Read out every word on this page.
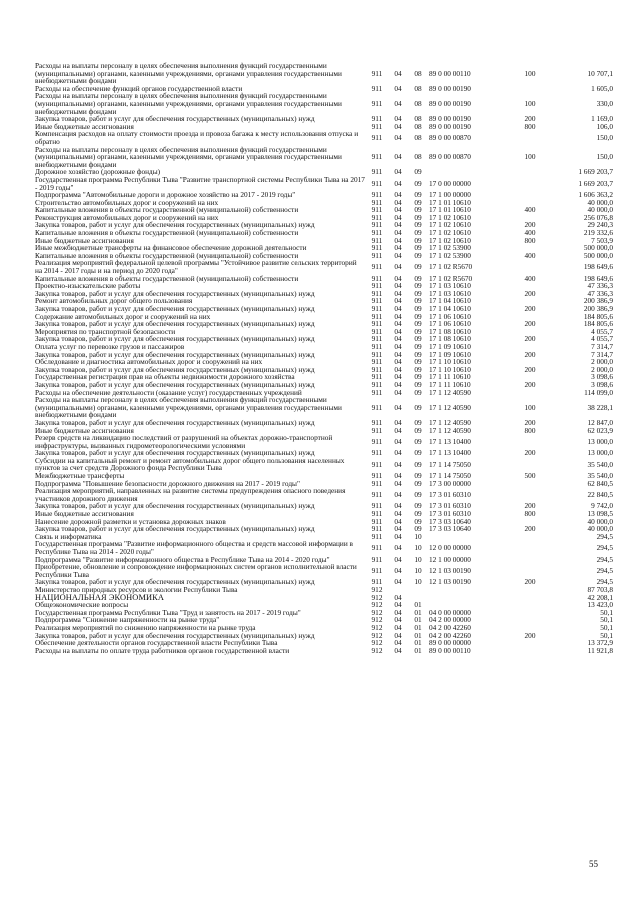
Расходы на выплаты персоналу в целях обеспечения выполнения функций государственными (муниципальными) органами, казенными учреждениями, органами управления государственными внебюджетными фондами	911	04	08	89 0 00 00110	100	10 707,1
Расходы на обеспечение функций органов государственной власти	911	04	08	89 0 00 00190		1 605,0
Расходы на выплаты персоналу в целях обеспечения выполнения функций государственными (муниципальными) органами, казенными учреждениями, органами управления государственными внебюджетными фондами	911	04	08	89 0 00 00190	100	330,0
Закупка товаров, работ и услуг для обеспечения государственных (муниципальных) нужд	911	04	08	89 0 00 00190	200	1 169,0
Иные бюджетные ассигнования	911	04	08	89 0 00 00190	800	106,0
Компенсация расходов на оплату стоимости проезда и провоза багажа к месту использования отпуска и обратно	911	04	08	89 0 00 00870		150,0
Расходы на выплаты персоналу в целях обеспечения выполнения функций государственными (муниципальными) органами, казенными учреждениями, органами управления государственными внебюджетными фондами	911	04	08	89 0 00 00870	100	150,0
Дорожное хозяйство (дорожные фонды)	911	04	09			1 669 203,7
Государственная программа Республики Тыва "Развитие транспортной системы Республики Тыва на 2017 - 2019 годы"	911	04	09	17 0 00 00000		1 669 203,7
Подпрограмма "Автомобильные дороги и дорожное хозяйство на 2017 - 2019 годы"	911	04	09	17 1 00 00000		1 606 363,2
Строительство автомобильных дорог и сооружений на них	911	04	09	17 1 01 10610		40 000,0
Капитальные вложения в объекты государственной (муниципальной) собственности	911	04	09	17 1 01 10610	400	40 000,0
Реконструкция автомобильных дорог и сооружений на них	911	04	09	17 1 02 10610		256 076,8
Закупка товаров, работ и услуг для обеспечения государственных (муниципальных) нужд	911	04	09	17 1 02 10610	200	29 240,3
Капитальные вложения в объекты государственной (муниципальной) собственности	911	04	09	17 1 02 10610	400	219 332,6
Иные бюджетные ассигнования	911	04	09	17 1 02 10610	800	7 503,9
Иные межбюджетные трансферты на финансовое обеспечение дорожной деятельности	911	04	09	17 1 02 53900		500 000,0
Капитальные вложения в объекты государственной (муниципальной) собственности	911	04	09	17 1 02 53900	400	500 000,0
Реализация мероприятий федеральной целевой программы "Устойчивое развитие сельских территорий на 2014 - 2017 годы и на период до 2020 года"	911	04	09	17 1 02 R5670		198 649,6
Капитальные вложения в объекты государственной (муниципальной) собственности	911	04	09	17 1 02 R5670	400	198 649,6
Проектно-изыскательские работы	911	04	09	17 1 03 10610		47 336,3
Закупка товаров, работ и услуг для обеспечения государственных (муниципальных) нужд	911	04	09	17 1 03 10610	200	47 336,3
Ремонт автомобильных дорог общего пользования	911	04	09	17 1 04 10610		200 386,9
Закупка товаров, работ и услуг для обеспечения государственных (муниципальных) нужд	911	04	09	17 1 04 10610	200	200 386,9
Содержание автомобильных дорог и сооружений на них	911	04	09	17 1 06 10610		184 805,6
Закупка товаров, работ и услуг для обеспечения государственных (муниципальных) нужд	911	04	09	17 1 06 10610	200	184 805,6
Мероприятия по транспортной безопасности	911	04	09	17 1 08 10610		4 055,7
Закупка товаров, работ и услуг для обеспечения государственных (муниципальных) нужд	911	04	09	17 1 08 10610	200	4 055,7
Оплата услуг по перевозке грузов и пассажиров	911	04	09	17 1 09 10610		7 314,7
Закупка товаров, работ и услуг для обеспечения государственных (муниципальных) нужд	911	04	09	17 1 09 10610	200	7 314,7
Обследование и диагностика автомобильных дорог и сооружений на них	911	04	09	17 1 10 10610		2 000,0
Закупка товаров, работ и услуг для обеспечения государственных (муниципальных) нужд	911	04	09	17 1 10 10610	200	2 000,0
Государственная регистрация прав на объекты недвижимости дорожного хозяйства	911	04	09	17 1 11 10610		3 098,6
Закупка товаров, работ и услуг для обеспечения государственных (муниципальных) нужд	911	04	09	17 1 11 10610	200	3 098,6
Расходы на обеспечение деятельности (оказание услуг) государственных учреждений	911	04	09	17 1 12 40590		114 099,0
Расходы на выплаты персоналу в целях обеспечения выполнения функций государственными (муниципальными) органами, казенными учреждениями, органами управления государственными внебюджетными фондами	911	04	09	17 1 12 40590	100	38 228,1
Закупка товаров, работ и услуг для обеспечения государственных (муниципальных) нужд	911	04	09	17 1 12 40590	200	12 847,0
Иные бюджетные ассигнования	911	04	09	17 1 12 40590	800	62 023,9
Резерв средств на ликвидацию последствий от разрушений на объектах дорожно-транспортной инфраструктуры, вызванных гидрометеорологическими условиями	911	04	09	17 1 13 10400		13 000,0
Закупка товаров, работ и услуг для обеспечения государственных (муниципальных) нужд	911	04	09	17 1 13 10400	200	13 000,0
Субсидии на капитальный ремонт и ремонт автомобильных дорог общего пользования населенных пунктов за счет средств Дорожного фонда Республики Тыва	911	04	09	17 1 14 75050		35 540,0
Межбюджетные трансферты	911	04	09	17 1 14 75050	500	35 540,0
Подпрограмма "Повышение безопасности дорожного движения на 2017 - 2019 годы"	911	04	09	17 3 00 00000		62 840,5
Реализация мероприятий, направленных на развитие системы предупреждения опасного поведения участников дорожного движения	911	04	09	17 3 01 60310		22 840,5
Закупка товаров, работ и услуг для обеспечения государственных (муниципальных) нужд	911	04	09	17 3 01 60310	200	9 742,0
Иные бюджетные ассигнования	911	04	09	17 3 01 60310	800	13 098,5
Нанесение дорожной разметки и установка дорожных знаков	911	04	09	17 3 03 10640		40 000,0
Закупка товаров, работ и услуг для обеспечения государственных (муниципальных) нужд	911	04	09	17 3 03 10640	200	40 000,0
Связь и информатика	911	04	10			294,5
Государственная программа "Развитие информационного общества и средств массовой информации в Республике Тыва на 2014 - 2020 годы"	911	04	10	12 0 00 00000		294,5
Подпрограмма "Развитие информационного общества в Республике Тыва на 2014 - 2020 годы"	911	04	10	12 1 00 00000		294,5
Приобретение, обновление и сопровождение информационных систем органов исполнительной власти Республики Тыва	911	04	10	12 1 03 00190		294,5
Закупка товаров, работ и услуг для обеспечения государственных (муниципальных) нужд	911	04	10	12 1 03 00190	200	294,5
Министерство природных ресурсов и экологии Республики Тыва	912					87 703,8
НАЦИОНАЛЬНАЯ ЭКОНОМИКА	912	04				42 208,1
Общеэкономические вопросы	912	04	01			13 423,0
Государственная программа Республики Тыва "Труд и занятость на 2017 - 2019 годы"	912	04	01	04 0 00 00000		50,1
Подпрограмма "Снижение напряженности на рынке труда"	912	04	01	04 2 00 00000		50,1
Реализация мероприятий по снижению напряженности на рынке труда	912	04	01	04 2 00 42260		50,1
Закупка товаров, работ и услуг для обеспечения государственных (муниципальных) нужд	912	04	01	04 2 00 42260	200	50,1
Обеспечение деятельности органов государственной власти Республики Тыва	912	04	01	89 0 00 00000		13 372,9
Расходы на выплаты по оплате труда работников органов государственной власти	912	04	01	89 0 00 00110		11 921,8
55
